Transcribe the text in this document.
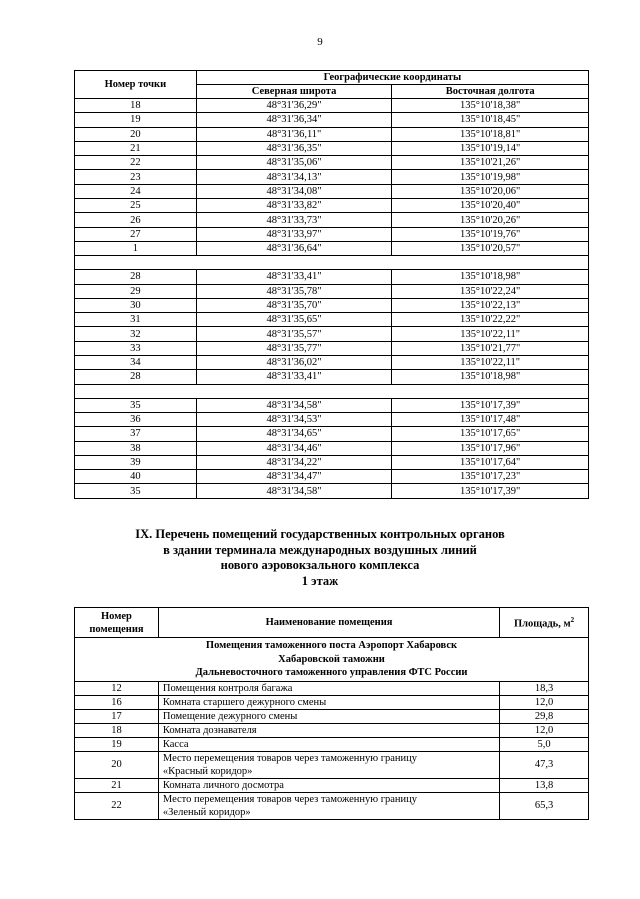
9
Номер точки	Географические координаты	
	Северная широта	Восточная долгота
18	48°31'36,29"	135°10'18,38"
19	48°31'36,34"	135°10'18,45"
20	48°31'36,11"	135°10'18,81"
21	48°31'36,35"	135°10'19,14"
22	48°31'35,06"	135°10'21,26"
23	48°31'34,13"	135°10'19,98"
24	48°31'34,08"	135°10'20,06"
25	48°31'33,82"	135°10'20,40"
26	48°31'33,73"	135°10'20,26"
27	48°31'33,97"	135°10'19,76"
1	48°31'36,64"	135°10'20,57"

28	48°31'33,41"	135°10'18,98"
29	48°31'35,78"	135°10'22,24"
30	48°31'35,70"	135°10'22,13"
31	48°31'35,65"	135°10'22,22"
32	48°31'35,57"	135°10'22,11"
33	48°31'35,77"	135°10'21,77"
34	48°31'36,02"	135°10'22,11"
28	48°31'33,41"	135°10'18,98"

35	48°31'34,58"	135°10'17,39"
36	48°31'34,53"	135°10'17,48"
37	48°31'34,65"	135°10'17,65"
38	48°31'34,46"	135°10'17,96"
39	48°31'34,22"	135°10'17,64"
40	48°31'34,47"	135°10'17,23"
35	48°31'34,58"	135°10'17,39"
IX. Перечень помещений государственных контрольных органов
в здании терминала международных воздушных линий
нового аэровокзального комплекса
1 этаж
Номер
помещения	Наименование помещения	Площадь, $м^2$

Помещения таможенного поста Аэропорт Хабаровск
Хабаровской таможни
Дальневосточного таможенного управления ФТС России		

12	Помещения контроля багажа	18,3
16	Комната старшего дежурного смены	12,0
17	Помещение дежурного смены	29,8
18	Комната дознавателя	12,0
19	Касса	5,0
20	Место перемещения товаров через таможенную границу
«Красный коридор»	47,3
21	Комната личного досмотра	13,8
22	Место перемещения товаров через таможенную границу
«Зеленый коридор»	65,3
